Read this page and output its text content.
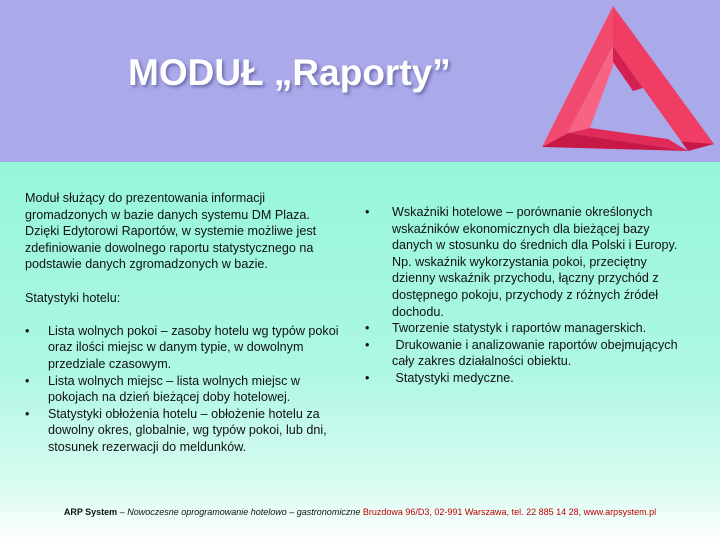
MODUŁ „Raporty”

Moduł służący do prezentowania informacji
gromadzonych w bazie danych systemu DM Plaza.
Dzięki Edytorowi Raportów, w systemie możliwe jest
zdefiniowanie dowolnego raportu statystycznego na
podstawie danych zgromadzonych w bazie.

Statystyki hotelu:

• Lista wolnych pokoi – zasoby hotelu wg typów pokoi
oraz ilości miejsc w danym typie, w dowolnym
przedziale czasowym.
• Lista wolnych miejsc – lista wolnych miejsc w
pokojach na dzień bieżącej doby hotelowej.
• Statystyki obłożenia hotelu – obłożenie hotelu za
dowolny okres, globalnie, wg typów pokoi, lub dni,
stosunek rezerwacji do meldunków.
• Wskaźniki hotelowe – porównanie określonych
wskaźników ekonomicznych dla bieżącej bazy
danych w stosunku do średnich dla Polski i Europy.
Np. wskaźnik wykorzystania pokoi, przeciętny
dzienny wskaźnik przychodu, łączny przychód z
dostępnego pokoju, przychody z różnych źródeł
dochodu.
• Tworzenie statystyk i raportów managerskich.
• Drukowanie i analizowanie raportów obejmujących
cały zakres działalności obiektu.
• Statystyki medyczne.
ARP System – Nowoczesne oprogramowanie hotelowo – gastronomiczne Bruzdowa 96/D3, 02-991 Warszawa, tel. 22 885 14 28, www.arpsystem.pl
